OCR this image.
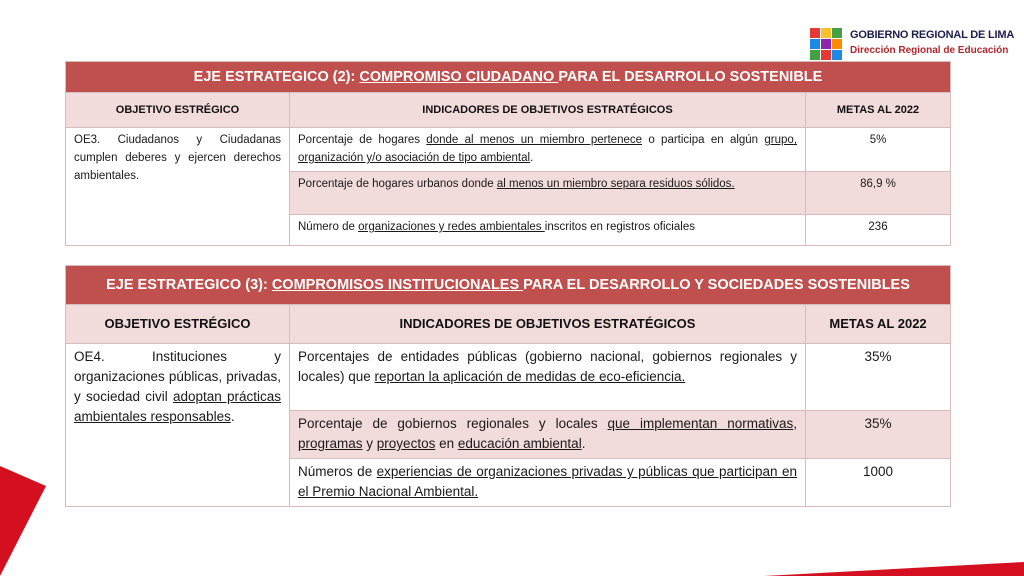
GOBIERNO REGIONAL DE LIMA
Dirección Regional de Educación
EJE ESTRATEGICO (2): COMPROMISO CIUDADANO PARA EL DESARROLLO SOSTENIBLE		
OBJETIVO ESTRÉGICO	INDICADORES DE OBJETIVOS ESTRATÉGICOS	METAS AL 2022

OE3. Ciudadanos y Ciudadanas cumplen deberes y ejercen derechos ambientales.	Porcentaje de hogares donde al menos un miembro pertenece o participa en algún grupo, organización y/o asociación de tipo ambiental.	5%

	Porcentaje de hogares urbanos donde al menos un miembro separa residuos sólidos.	86,9 %

	Número de organizaciones y redes ambientales inscritos en registros oficiales	236
EJE ESTRATEGICO (3): COMPROMISOS INSTITUCIONALES PARA EL DESARROLLO Y SOCIEDADES SOSTENIBLES		
OBJETIVO ESTRÉGICO	INDICADORES DE OBJETIVOS ESTRATÉGICOS	METAS AL 2022

OE4. Instituciones y organizaciones públicas, privadas, y sociedad civil adoptan prácticas ambientales responsables.	Porcentajes de entidades públicas (gobierno nacional, gobiernos regionales y locales) que reportan la aplicación de medidas de eco-eficiencia.	35%

	Porcentaje de gobiernos regionales y locales que implementan normativas, programas y proyectos en educación ambiental.	35%

	Números de experiencias de organizaciones privadas y públicas que participan en el Premio Nacional Ambiental.	1000
